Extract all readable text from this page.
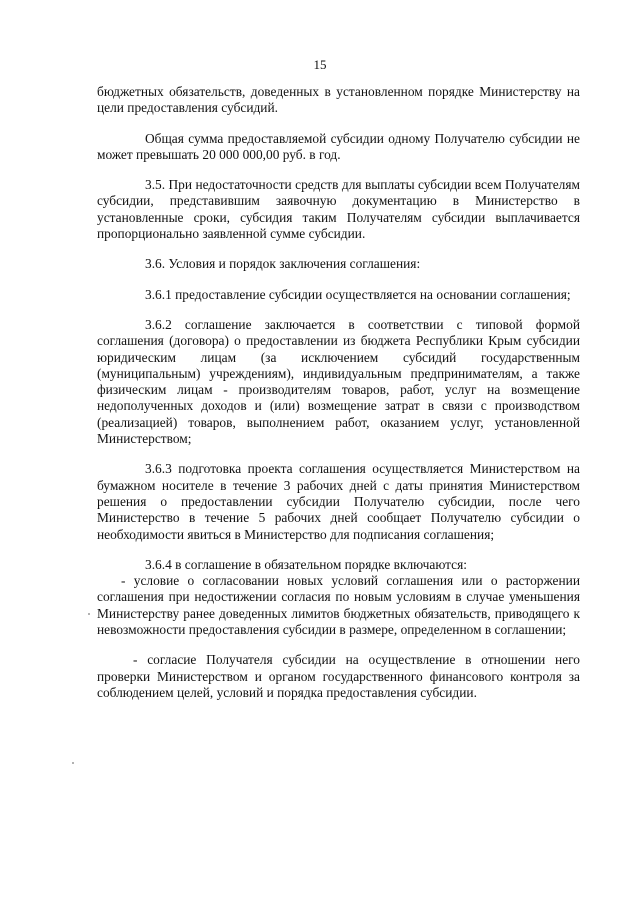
15

бюджетных обязательств, доведенных в установленном порядке Министерству на цели предоставления субсидий.

Общая сумма предоставляемой субсидии одному Получателю субсидии не может превышать 20 000 000,00 руб. в год.

3.5. При недостаточности средств для выплаты субсидии всем Получателям субсидии, представившим заявочную документацию в Министерство в установленные сроки, субсидия таким Получателям субсидии выплачивается пропорционально заявленной сумме субсидии.

3.6. Условия и порядок заключения соглашения:

3.6.1 предоставление субсидии осуществляется на основании соглашения;

3.6.2 соглашение заключается в соответствии с типовой формой соглашения (договора) о предоставлении из бюджета Республики Крым субсидии юридическим лицам (за исключением субсидий государственным (муниципальным) учреждениям), индивидуальным предпринимателям, а также физическим лицам - производителям товаров, работ, услуг на возмещение недополученных доходов и (или) возмещение затрат в связи с производством (реализацией) товаров, выполнением работ, оказанием услуг, установленной Министерством;

3.6.3 подготовка проекта соглашения осуществляется Министерством на бумажном носителе в течение 3 рабочих дней с даты принятия Министерством решения о предоставлении субсидии Получателю субсидии, после чего Министерство в течение 5 рабочих дней сообщает Получателю субсидии о необходимости явиться в Министерство для подписания соглашения;

3.6.4 в соглашение в обязательном порядке включаются:

- условие о согласовании новых условий соглашения или о расторжении соглашения при недостижении согласия по новым условиям в случае уменьшения Министерству ранее доведенных лимитов бюджетных обязательств, приводящего к невозможности предоставления субсидии в размере, определенном в соглашении;

- согласие Получателя субсидии на осуществление в отношении него проверки Министерством и органом государственного финансового контроля за соблюдением целей, условий и порядка предоставления субсидии.
